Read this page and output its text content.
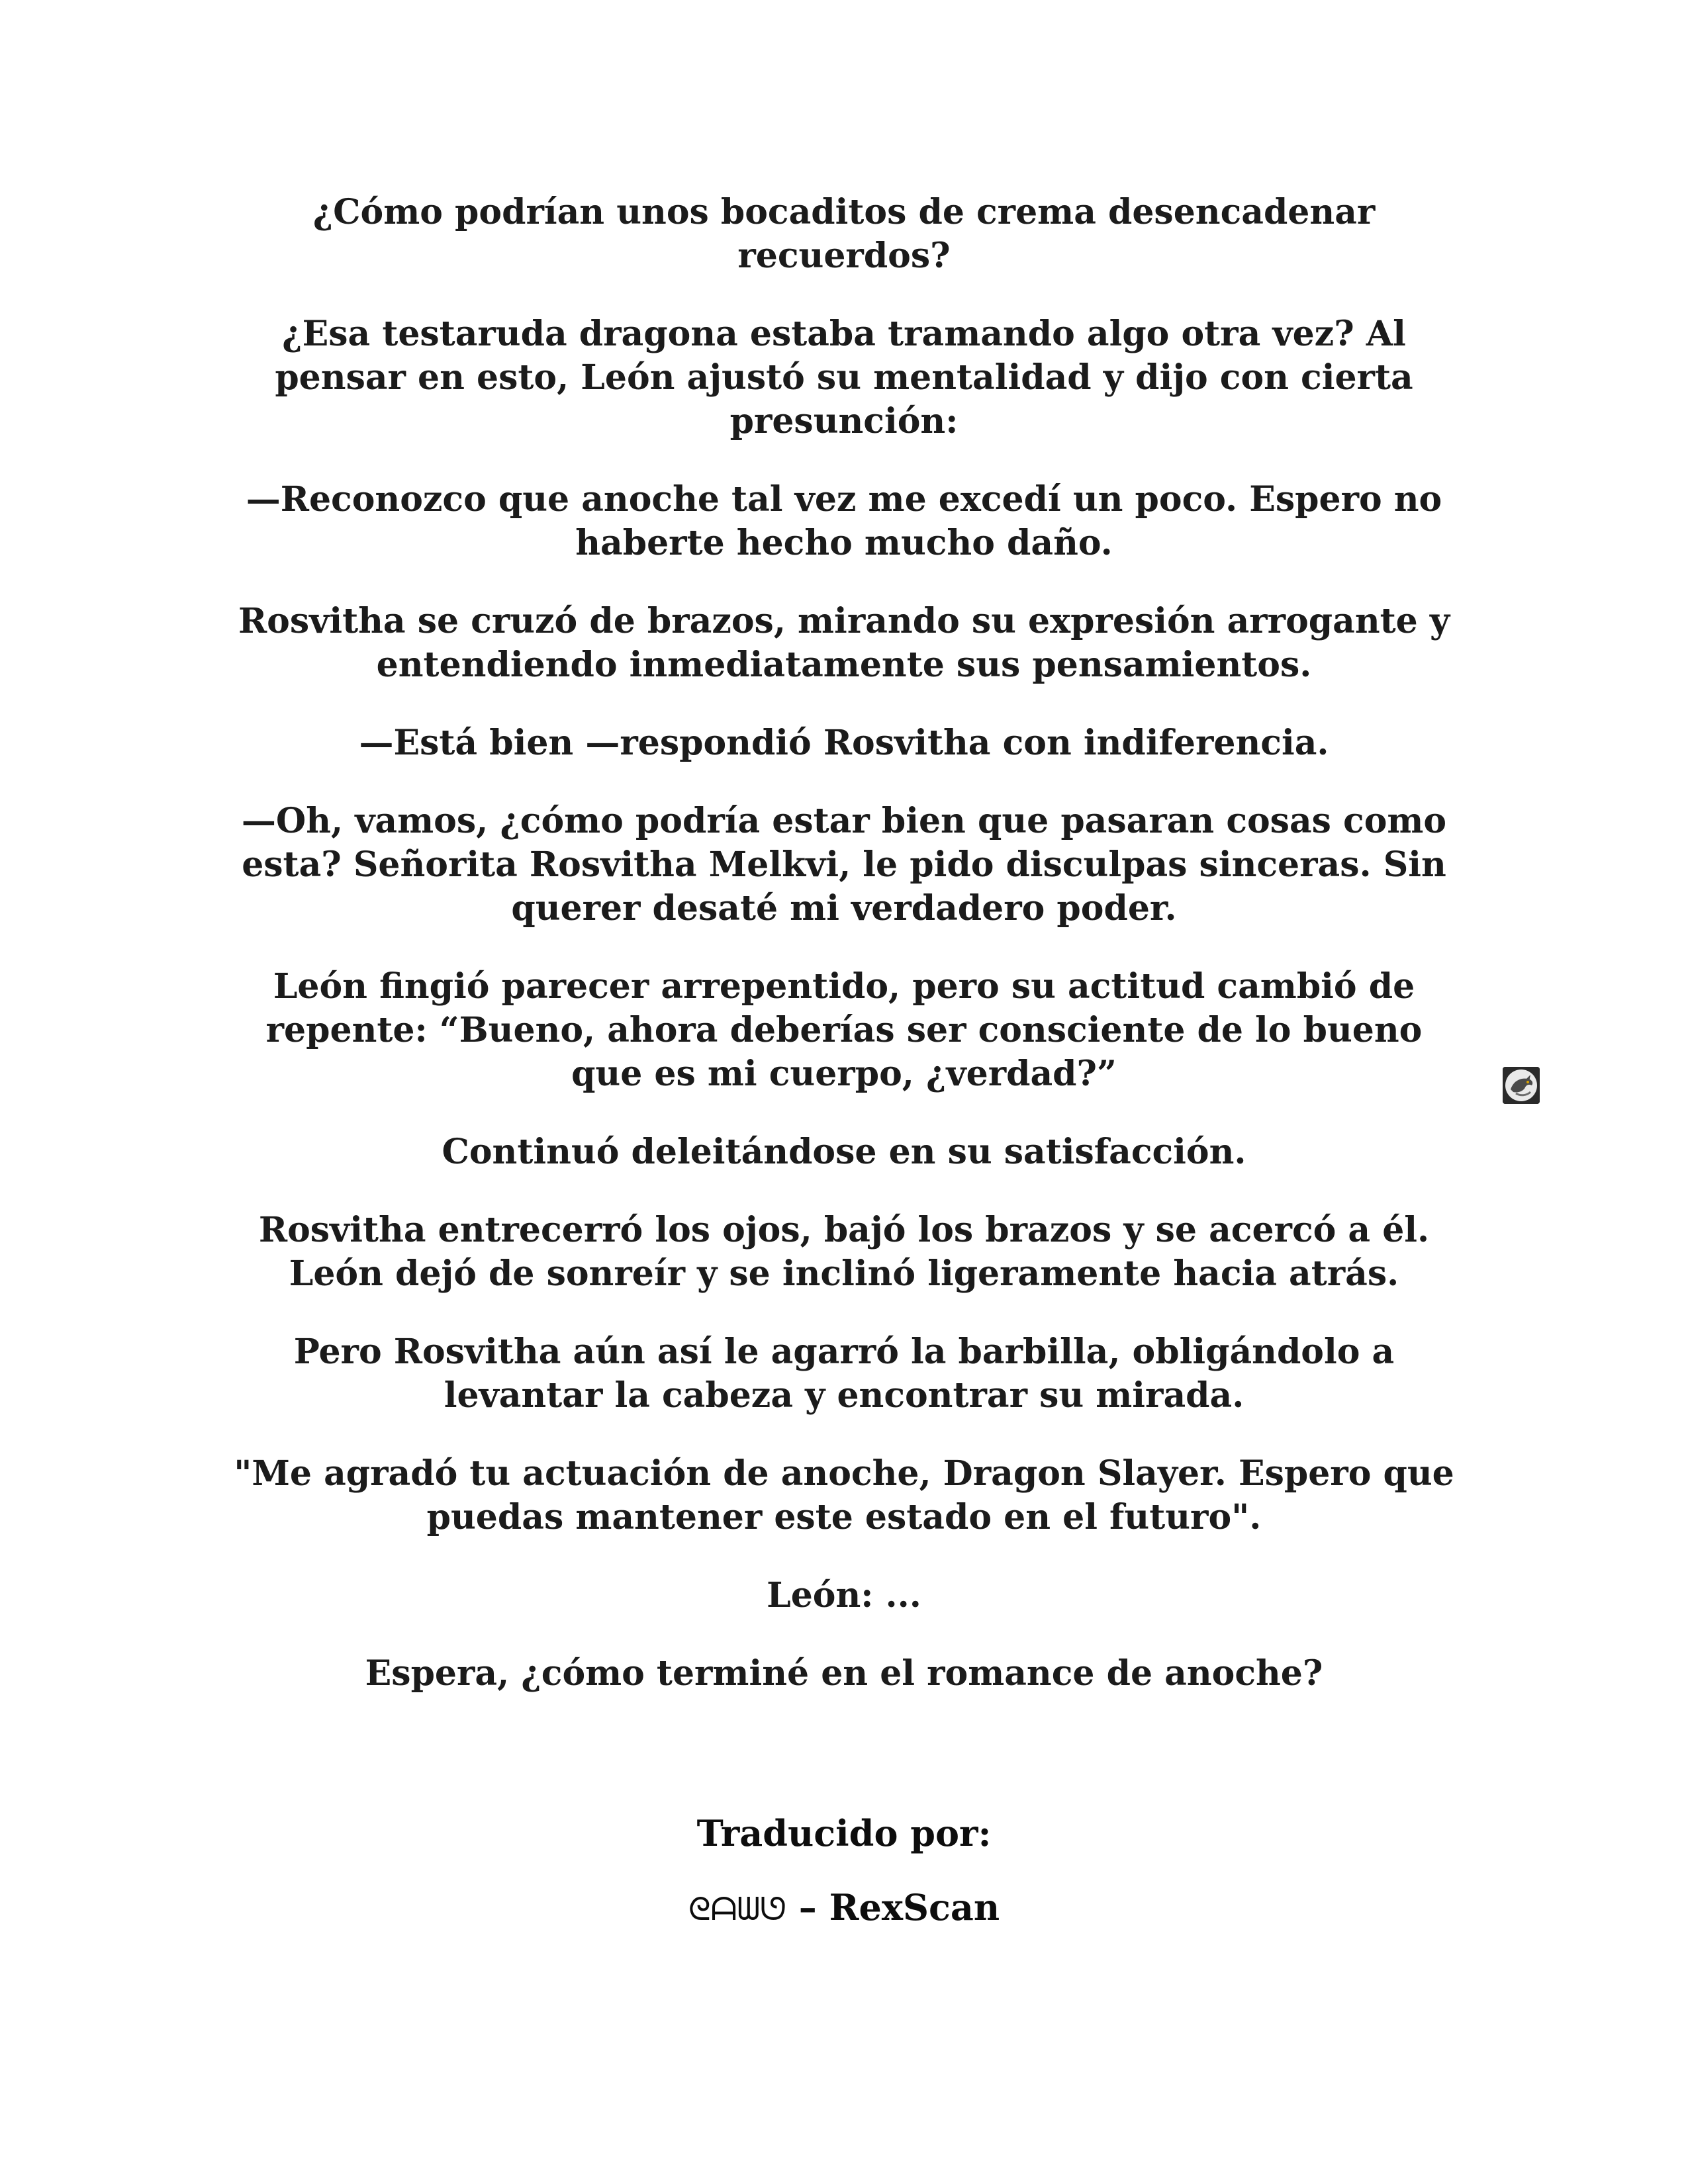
¿Cómo podrían unos bocaditos de crema desencadenar recuerdos?

¿Esa testaruda dragona estaba tramando algo otra vez? Al pensar en esto, León ajustó su mentalidad y dijo con cierta presunción:

—Reconozco que anoche tal vez me excedí un poco. Espero no haberte hecho mucho daño.

Rosvitha se cruzó de brazos, mirando su expresión arrogante y entendiendo inmediatamente sus pensamientos.

—Está bien —respondió Rosvitha con indiferencia.

—Oh, vamos, ¿cómo podría estar bien que pasaran cosas como esta? Señorita Rosvitha Melkvi, le pido disculpas sinceras. Sin querer desaté mi verdadero poder.

León fingió parecer arrepentido, pero su actitud cambió de repente: “Bueno, ahora deberías ser consciente de lo bueno que es mi cuerpo, ¿verdad?”

Continuó deleitándose en su satisfacción.

Rosvitha entrecerró los ojos, bajó los brazos y se acercó a él. León dejó de sonreír y se inclinó ligeramente hacia atrás.

Pero Rosvitha aún así le agarró la barbilla, obligándolo a levantar la cabeza y encontrar su mirada.

"Me agradó tu actuación de anoche, Dragon Slayer. Espero que puedas mantener este estado en el futuro".

León: ...

Espera, ¿cómo terminé en el romance de anoche?

Traducido por:

ᘓᗩᗯᘎ – RexScan
